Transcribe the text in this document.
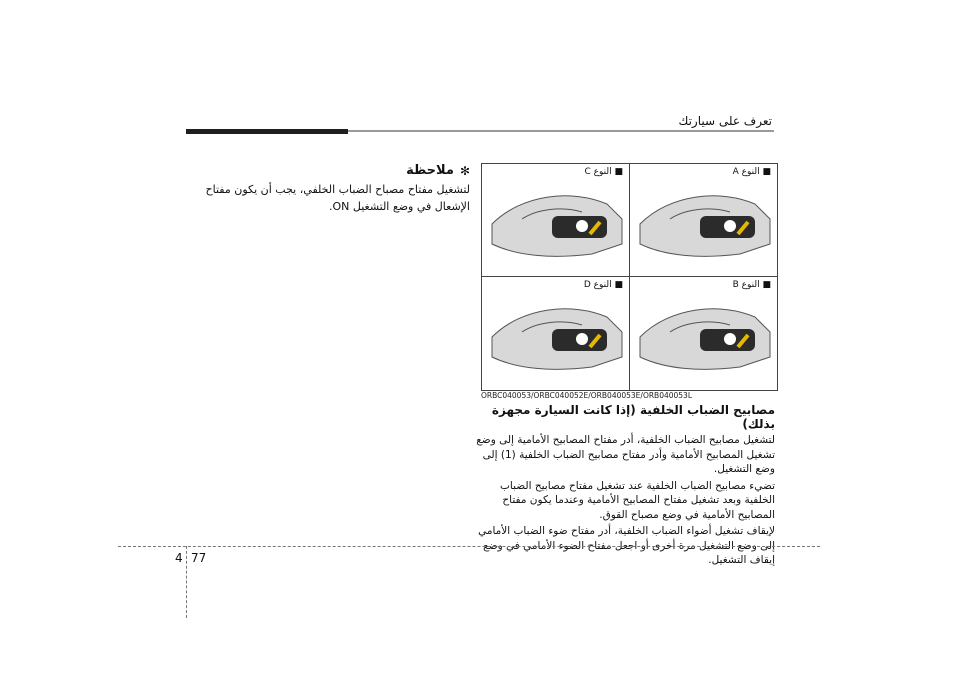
تعرف على سيارتك
✻
ملاحظة
لتشغيل مفتاح مصباح الضباب الخلفي، يجب أن يكون مفتاح الإشعال في وضع التشغيل ON.
■ النوع A
■ النوع C
■ النوع B
■ النوع D
ORBC040053/ORBC040052E/ORB040053E/ORB040053L
مصابيح الضباب الخلفية (إذا كانت السيارة مجهزة بذلك)
لتشغيل مصابيح الضباب الخلفية، أدر مفتاح المصابيح الأمامية إلى وضع تشغيل المصابيح الأمامية وأدر مفتاح مصابيح الضباب الخلفية (1) إلى وضع التشغيل.
تضيء مصابيح الضباب الخلفية عند تشغيل مفتاح مصابيح الضباب الخلفية وبعد تشغيل مفتاح المصابيح الأمامية وعندما يكون مفتاح المصابيح الأمامية في وضع مصباح القوق.
لإيقاف تشغيل أضواء الضباب الخلفية، أدر مفتاح ضوء الضباب الأمامي إلى وضع التشغيل مرة أخرى أو اجعل مفتاح الضوء الأمامي في وضع إيقاف التشغيل.
4 77
